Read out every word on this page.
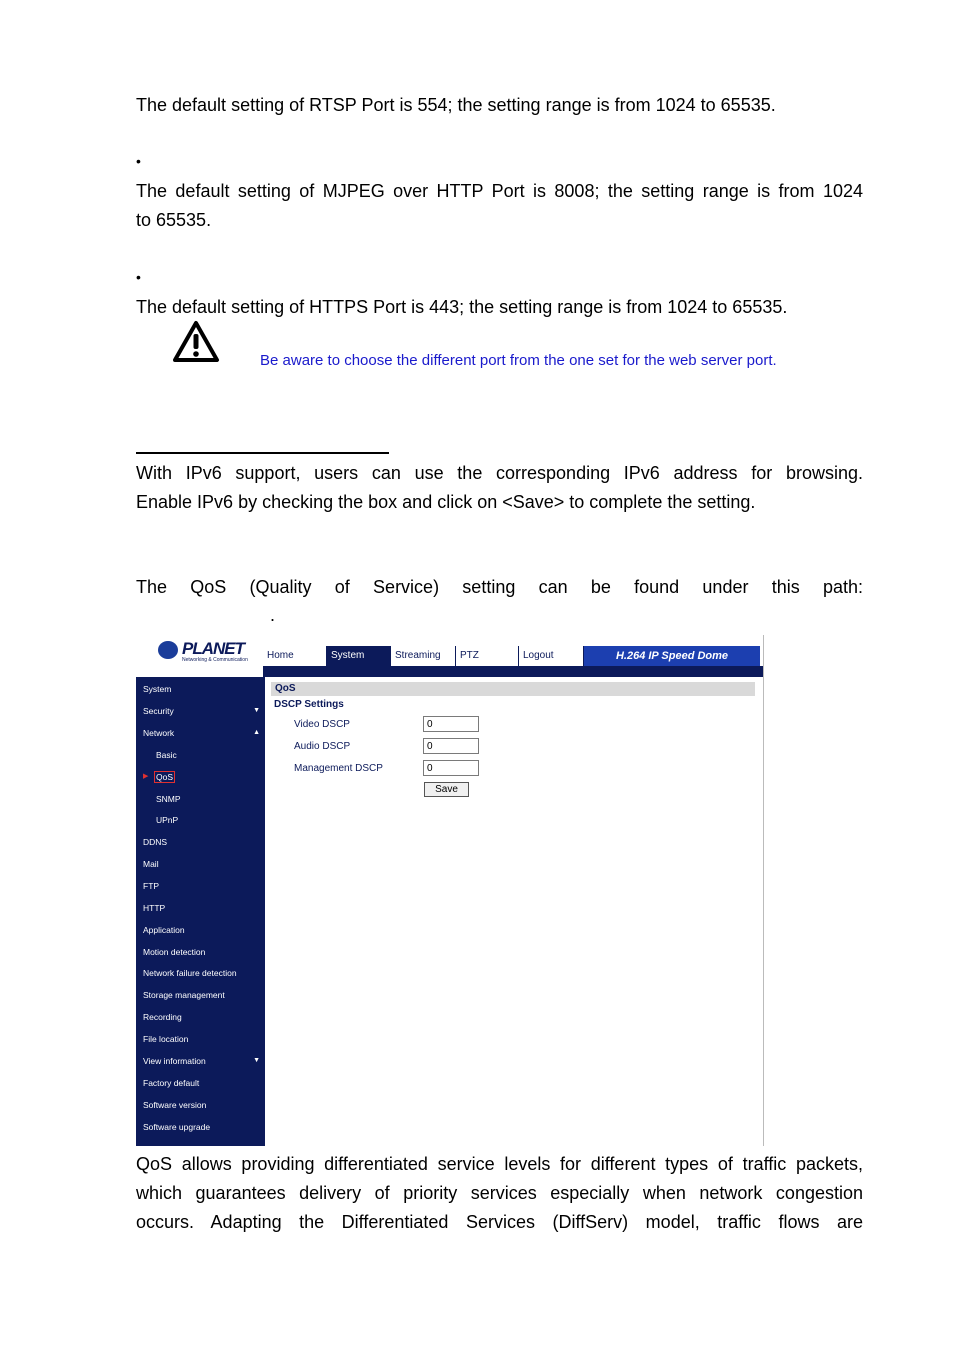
The default setting of RTSP Port is 554; the setting range is from 1024 to 65535.

•

The default setting of MJPEG over HTTP Port is 8008; the setting range is from 1024

to 65535.

•

The default setting of HTTPS Port is 443; the setting range is from 1024 to 65535.

Be aware to choose the different port from the one set for the web server port.

With IPv6 support, users can use the corresponding IPv6 address for browsing.

Enable IPv6 by checking the box and click on <Save> to complete the setting.

The QoS (Quality of Service) setting can be found under this path:

.
PLANET
Networking & Communication	Home	System	Streaming	PTZ	Logout	H.264 IP Speed Dome
System
Security	▼
Network	▲
Basic
▶ QoS
SNMP
UPnP
DDNS
Mail
FTP
HTTP
Application
Motion detection
Network failure detection
Storage management
Recording
File location
View information	▼
Factory default
Software version
Software upgrade
QoS
DSCP Settings
Video DSCP
0
Audio DSCP
0
Management DSCP
0
Save

QoS allows providing differentiated service levels for different types of traffic packets,

which guarantees delivery of priority services especially when network congestion

occurs. Adapting the Differentiated Services (DiffServ) model, traffic flows are
